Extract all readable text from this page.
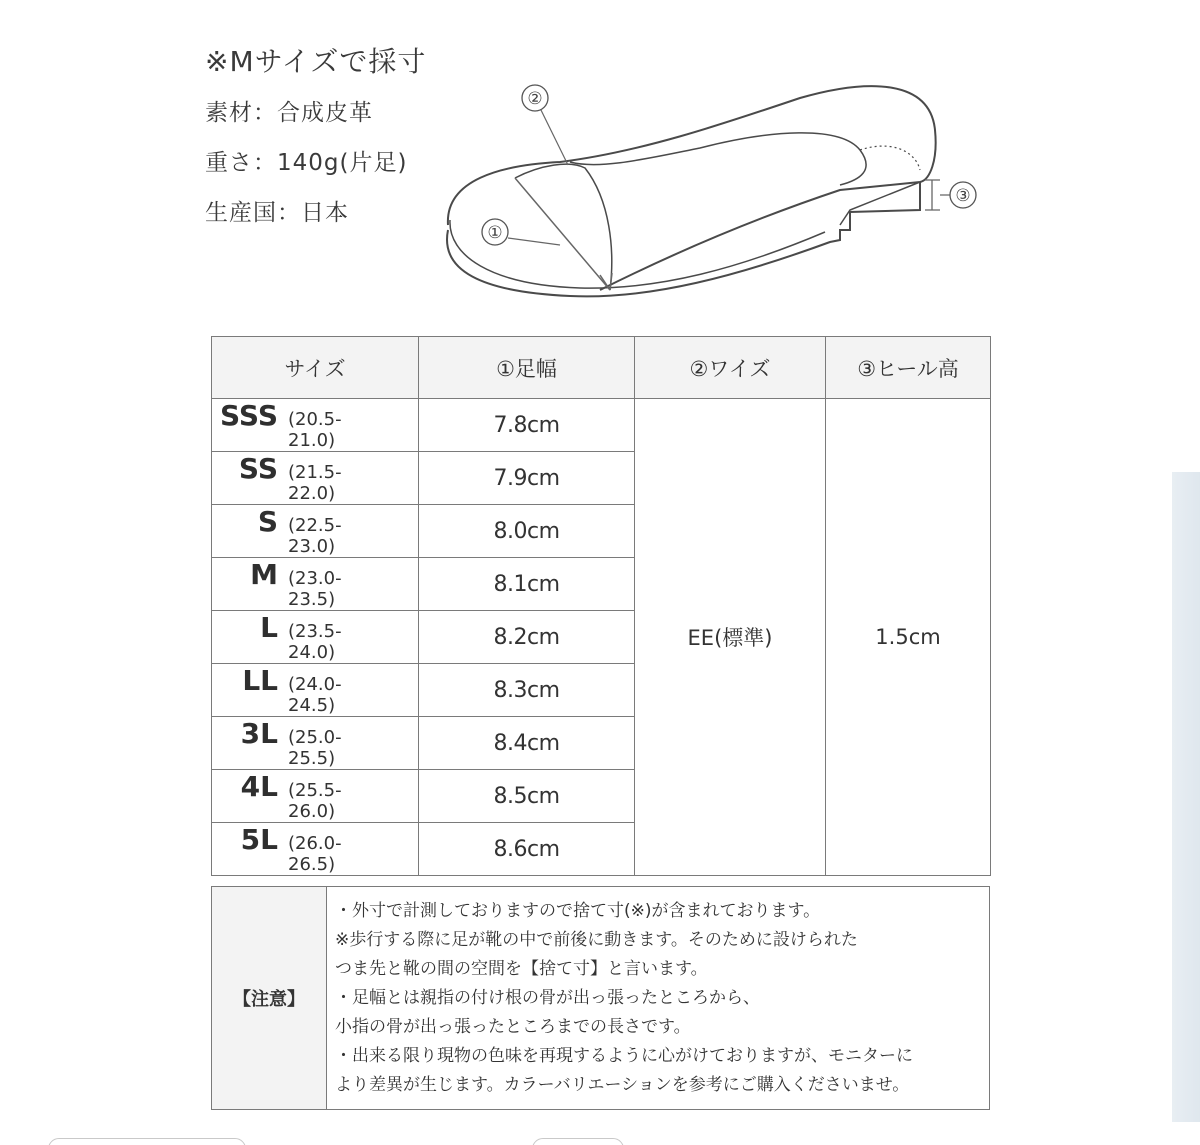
※Mサイズで採寸
素材：合成皮革
重さ：140g(片足)
生産国：日本
②
①
③
サイズ	①足幅	②ワイズ	③ヒール高

SSS (20.5-21.0)	7.8cm	EE(標準)	1.5cm

SS (21.5-22.0)	7.9cm		

S (22.5-23.0)	8.0cm		

M (23.0-23.5)	8.1cm		

L (23.5-24.0)	8.2cm		

LL (24.0-24.5)	8.3cm		

3L (25.0-25.5)	8.4cm		

4L (25.5-26.0)	8.5cm		

5L (26.0-26.5)	8.6cm		
【注意】	
・外寸で計測しておりますので捨て寸(※)が含まれております。
※歩行する際に足が靴の中で前後に動きます。そのために設けられた
つま先と靴の間の空間を【捨て寸】と言います。
・足幅とは親指の付け根の骨が出っ張ったところから、
小指の骨が出っ張ったところまでの長さです。
・出来る限り現物の色味を再現するように心がけておりますが、モニターに
より差異が生じます。カラーバリエーションを参考にご購入くださいませ。
